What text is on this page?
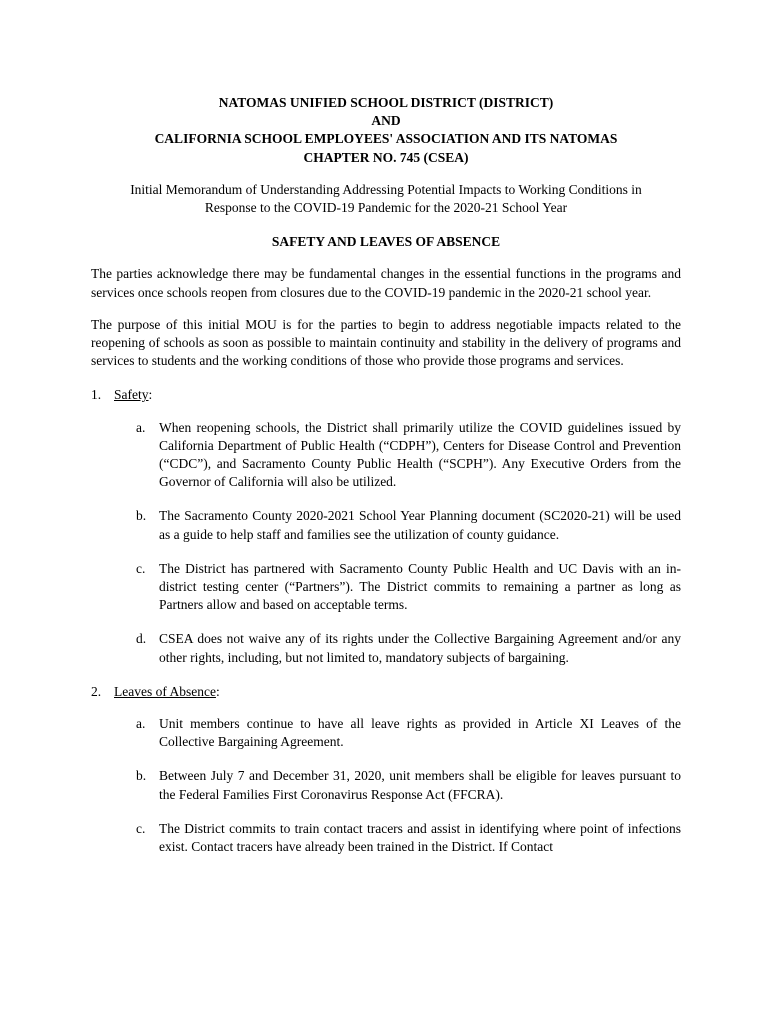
NATOMAS UNIFIED SCHOOL DISTRICT (DISTRICT)
AND
CALIFORNIA SCHOOL EMPLOYEES' ASSOCIATION AND ITS NATOMAS
CHAPTER NO. 745 (CSEA)
Initial Memorandum of Understanding Addressing Potential Impacts to Working Conditions in
Response to the COVID-19 Pandemic for the 2020-21 School Year
SAFETY AND LEAVES OF ABSENCE
The parties acknowledge there may be fundamental changes in the essential functions in the programs and services once schools reopen from closures due to the COVID-19 pandemic in the 2020-21 school year.
The purpose of this initial MOU is for the parties to begin to address negotiable impacts related to the reopening of schools as soon as possible to maintain continuity and stability in the delivery of programs and services to students and the working conditions of those who provide those programs and services.
1. Safety:
a.	When reopening schools, the District shall primarily utilize the COVID guidelines issued by California Department of Public Health (“CDPH”), Centers for Disease Control and Prevention (“CDC”), and Sacramento County Public Health (“SCPH”). Any Executive Orders from the Governor of California will also be utilized.
b. The Sacramento County 2020-2021 School Year Planning document (SC2020-21) will be used as a guide to help staff and families see the utilization of county guidance.
c.	The District has partnered with Sacramento County Public Health and UC Davis with an in-district testing center (“Partners”). The District commits to remaining a partner as long as Partners allow and based on acceptable terms.
d. CSEA does not waive any of its rights under the Collective Bargaining Agreement and/or any other rights, including, but not limited to, mandatory subjects of bargaining.
2. Leaves of Absence:
a.	Unit members continue to have all leave rights as provided in Article XI Leaves of the Collective Bargaining Agreement.
b. Between July 7 and December 31, 2020, unit members shall be eligible for leaves pursuant to the Federal Families First Coronavirus Response Act (FFCRA).
c.	The District commits to train contact tracers and assist in identifying where point of infections exist. Contact tracers have already been trained in the District. If Contact
